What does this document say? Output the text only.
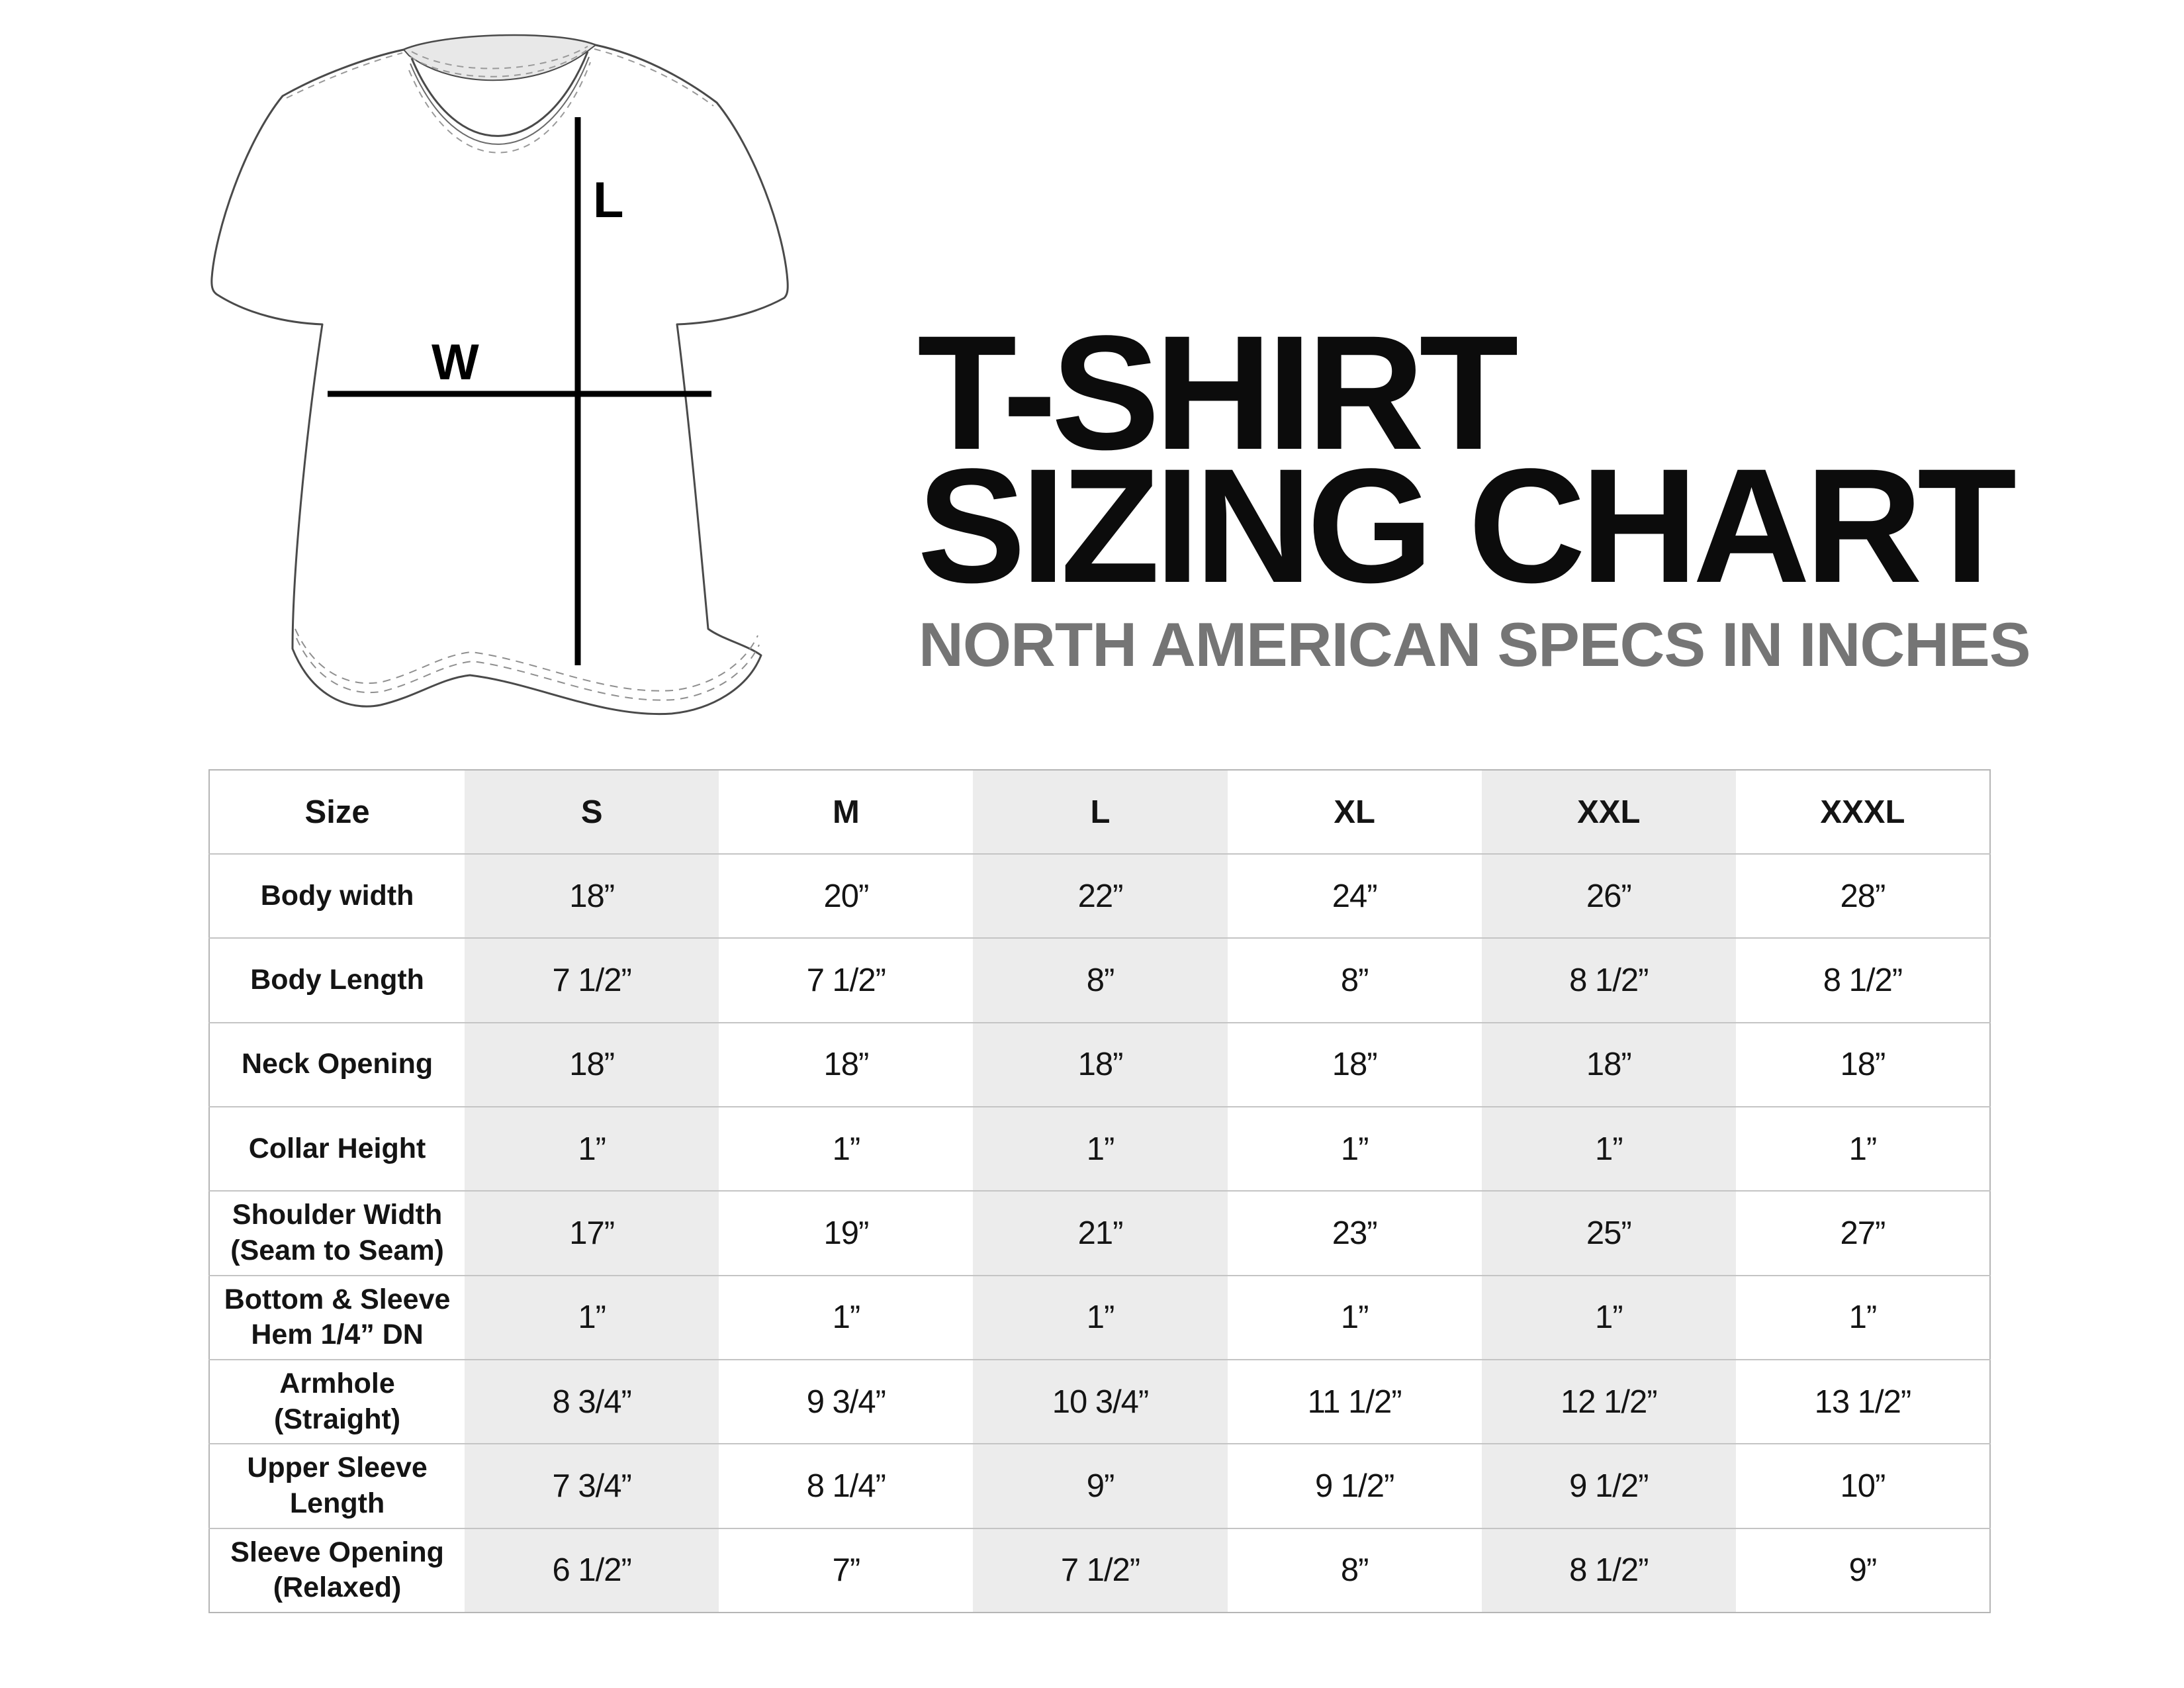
L
W	T-SHIRT
SIZING CHART
NORTH AMERICAN SPECS IN INCHES
Size	S	M	L	XL	XXL	XXXL

Body width	18”	20”	22”	24”	26”	28”

Body Length	7 1/2”	7 1/2”	8”	8”	8 1/2”	8 1/2”

Neck Opening	18”	18”	18”	18”	18”	18”

Collar Height	1”	1”	1”	1”	1”	1”

Shoulder Width
(Seam to Seam)	17”	19”	21”	23”	25”	27”

Bottom & Sleeve
Hem 1/4” DN	1”	1”	1”	1”	1”	1”

Armhole
(Straight)	8 3/4”	9 3/4”	10 3/4”	11 1/2”	12 1/2”	13 1/2”

Upper Sleeve
Length	7 3/4”	8 1/4”	9”	9 1/2”	9 1/2”	10”

Sleeve Opening
(Relaxed)	6 1/2”	7”	7 1/2”	8”	8 1/2”	9”
